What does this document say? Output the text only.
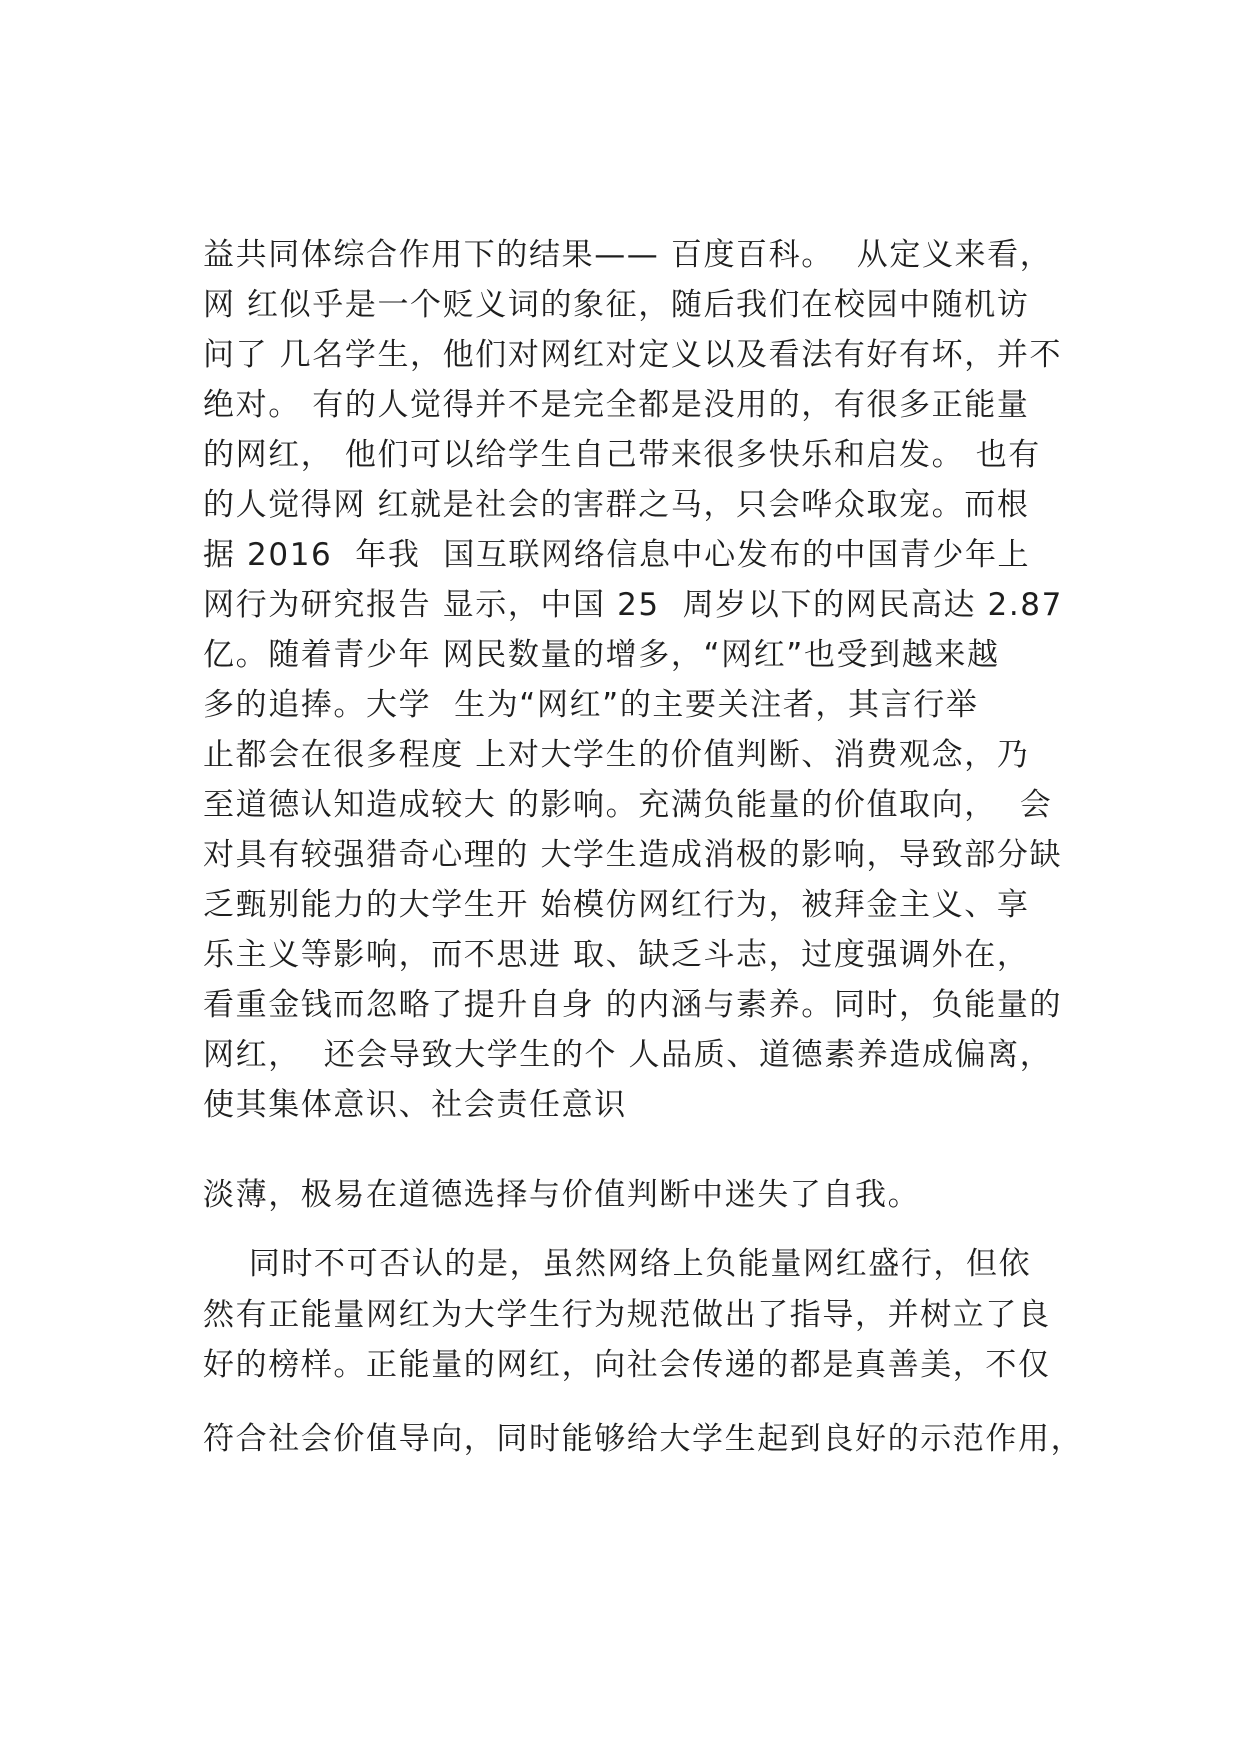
益共同体综合作用下的结果—— 百度百科。  从定义来看，
网 红似乎是一个贬义词的象征，随后我们在校园中随机访
问了 几名学生，他们对网红对定义以及看法有好有坏，并不
绝对。 有的人觉得并不是完全都是没用的，有很多正能量
的网红， 他们可以给学生自己带来很多快乐和启发。 也有
的人觉得网 红就是社会的害群之马，只会哗众取宠。而根
据 2016  年我  国互联网络信息中心发布的中国青少年上
网行为研究报告 显示，中国 25  周岁以下的网民高达 2.87
亿。随着青少年 网民数量的增多，“网红”也受到越来越
多的追捧。大学  生为“网红”的主要关注者，其言行举
止都会在很多程度 上对大学生的价值判断、消费观念，乃
至道德认知造成较大 的影响。充满负能量的价值取向，  会
对具有较强猎奇心理的 大学生造成消极的影响，导致部分缺
乏甄别能力的大学生开 始模仿网红行为，被拜金主义、享
乐主义等影响，而不思进 取、缺乏斗志，过度强调外在，
看重金钱而忽略了提升自身 的内涵与素养。同时，负能量的
网红，  还会导致大学生的个 人品质、道德素养造成偏离，
使其集体意识、社会责任意识
淡薄，极易在道德选择与价值判断中迷失了自我。
同时不可否认的是，虽然网络上负能量网红盛行，但依
然有正能量网红为大学生行为规范做出了指导，并树立了良
好的榜样。正能量的网红，向社会传递的都是真善美，不仅
符合社会价值导向，同时能够给大学生起到良好的示范作用，
